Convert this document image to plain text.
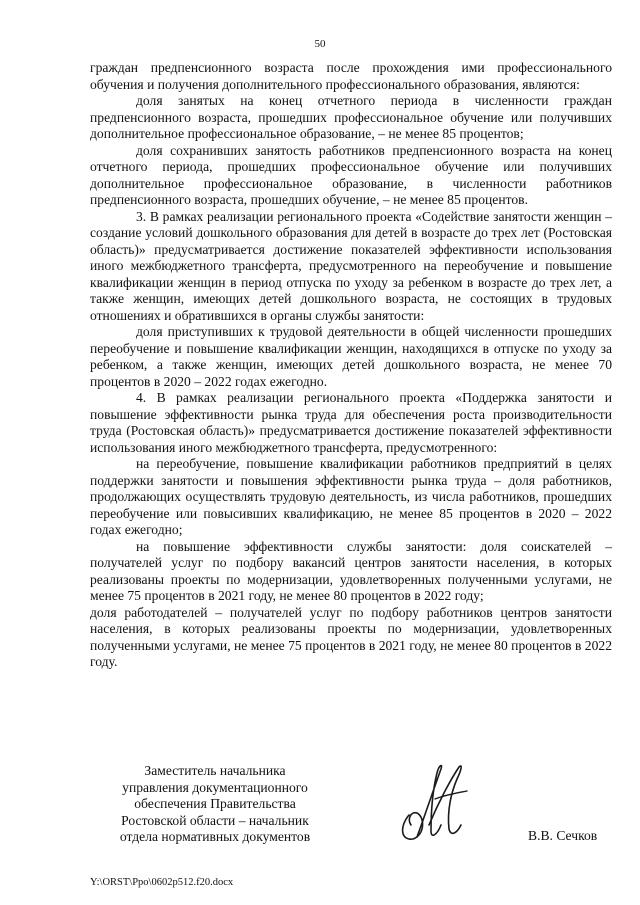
50

граждан предпенсионного возраста после прохождения ими профессионального обучения и получения дополнительного профессионального образования, являются:

доля занятых на конец отчетного периода в численности граждан предпенсионного возраста, прошедших профессиональное обучение или получивших дополнительное профессиональное образование, – не менее 85 процентов;

доля сохранивших занятость работников предпенсионного возраста на конец отчетного периода, прошедших профессиональное обучение или получивших дополнительное профессиональное образование, в численности работников предпенсионного возраста, прошедших обучение, – не менее 85 процентов.

3. В рамках реализации регионального проекта «Содействие занятости женщин – создание условий дошкольного образования для детей в возрасте до трех лет (Ростовская область)» предусматривается достижение показателей эффективности использования иного межбюджетного трансферта, предусмотренного на переобучение и повышение квалификации женщин в период отпуска по уходу за ребенком в возрасте до трех лет, а также женщин, имеющих детей дошкольного возраста, не состоящих в трудовых отношениях и обратившихся в органы службы занятости:

доля приступивших к трудовой деятельности в общей численности прошедших переобучение и повышение квалификации женщин, находящихся в отпуске по уходу за ребенком, а также женщин, имеющих детей дошкольного возраста, не менее 70 процентов в 2020 – 2022 годах ежегодно.

4. В рамках реализации регионального проекта «Поддержка занятости и повышение эффективности рынка труда для обеспечения роста производительности труда (Ростовская область)» предусматривается достижение показателей эффективности использования иного межбюджетного трансферта, предусмотренного:

на переобучение, повышение квалификации работников предприятий в целях поддержки занятости и повышения эффективности рынка труда – доля работников, продолжающих осуществлять трудовую деятельность, из числа работников, прошедших переобучение или повысивших квалификацию, не менее 85 процентов в 2020 – 2022 годах ежегодно;

на повышение эффективности службы занятости: доля соискателей – получателей услуг по подбору вакансий центров занятости населения, в которых реализованы проекты по модернизации, удовлетворенных полученными услугами, не менее 75 процентов в 2021 году, не менее 80 процентов в 2022 году;

доля работодателей – получателей услуг по подбору работников центров занятости населения, в которых реализованы проекты по модернизации, удовлетворенных полученными услугами, не менее 75 процентов в 2021 году, не менее 80 процентов в 2022 году.

Заместитель начальника
управления документационного
обеспечения Правительства
Ростовской области – начальник
отдела нормативных документов	В.В. Сечков
Y:\ORST\Ppo\0602p512.f20.docx
